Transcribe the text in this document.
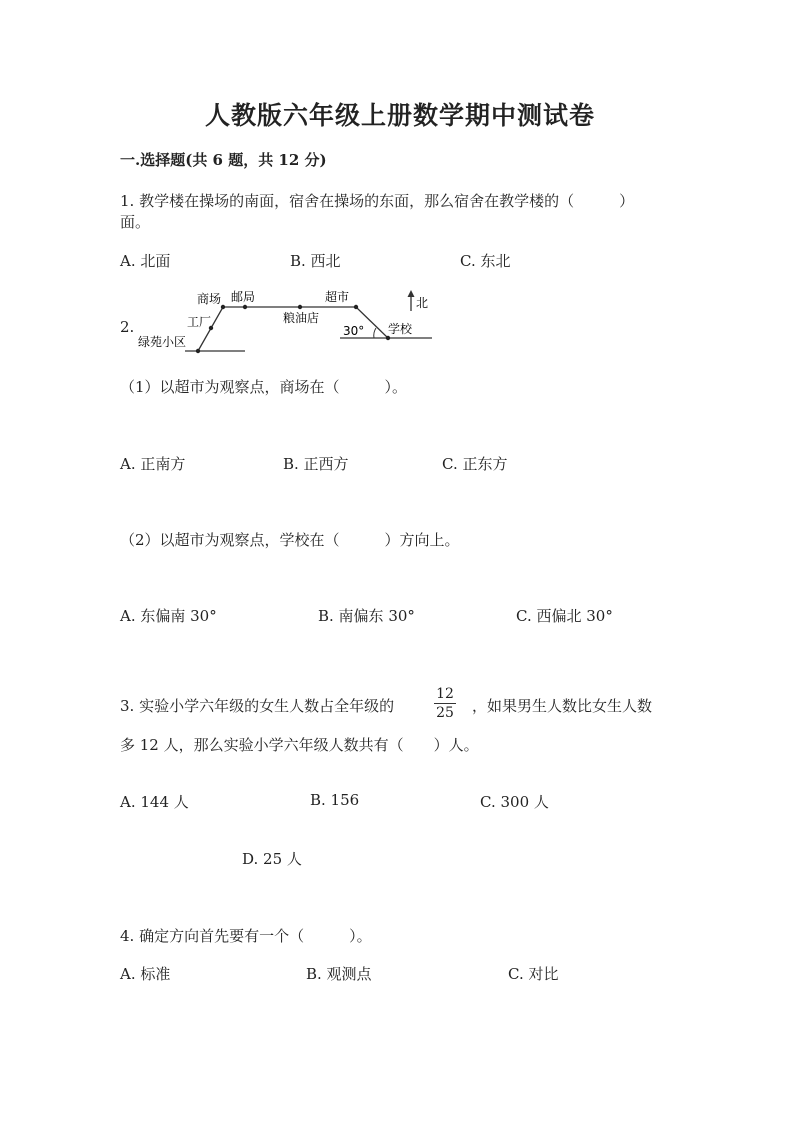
人教版六年级上册数学期中测试卷
一.选择题(共 6 题，共 12 分)
1. 教学楼在操场的南面，宿舍在操场的东面，那么宿舍在教学楼的（　　　）
面。
A. 北面	B. 西北	C. 东北
2.
商场 邮局	超市	北
工厂	粮油店
30° 学校
绿苑小区
（1）以超市为观察点，商场在（　　　）。
A. 正南方	B. 正西方	C. 正东方
（2）以超市为观察点，学校在（　　　）方向上。
A. 东偏南 30°	B. 南偏东 30°	C. 西偏北 30°
3. 实验小学六年级的女生人数占全年级的
12
25 ，如果男生人数比女生人数
多 12 人，那么实验小学六年级人数共有（　　）人。
A. 144 人	B. 156	C. 300 人
D. 25 人
4. 确定方向首先要有一个（　　　）。
A. 标准	B. 观测点	C. 对比
